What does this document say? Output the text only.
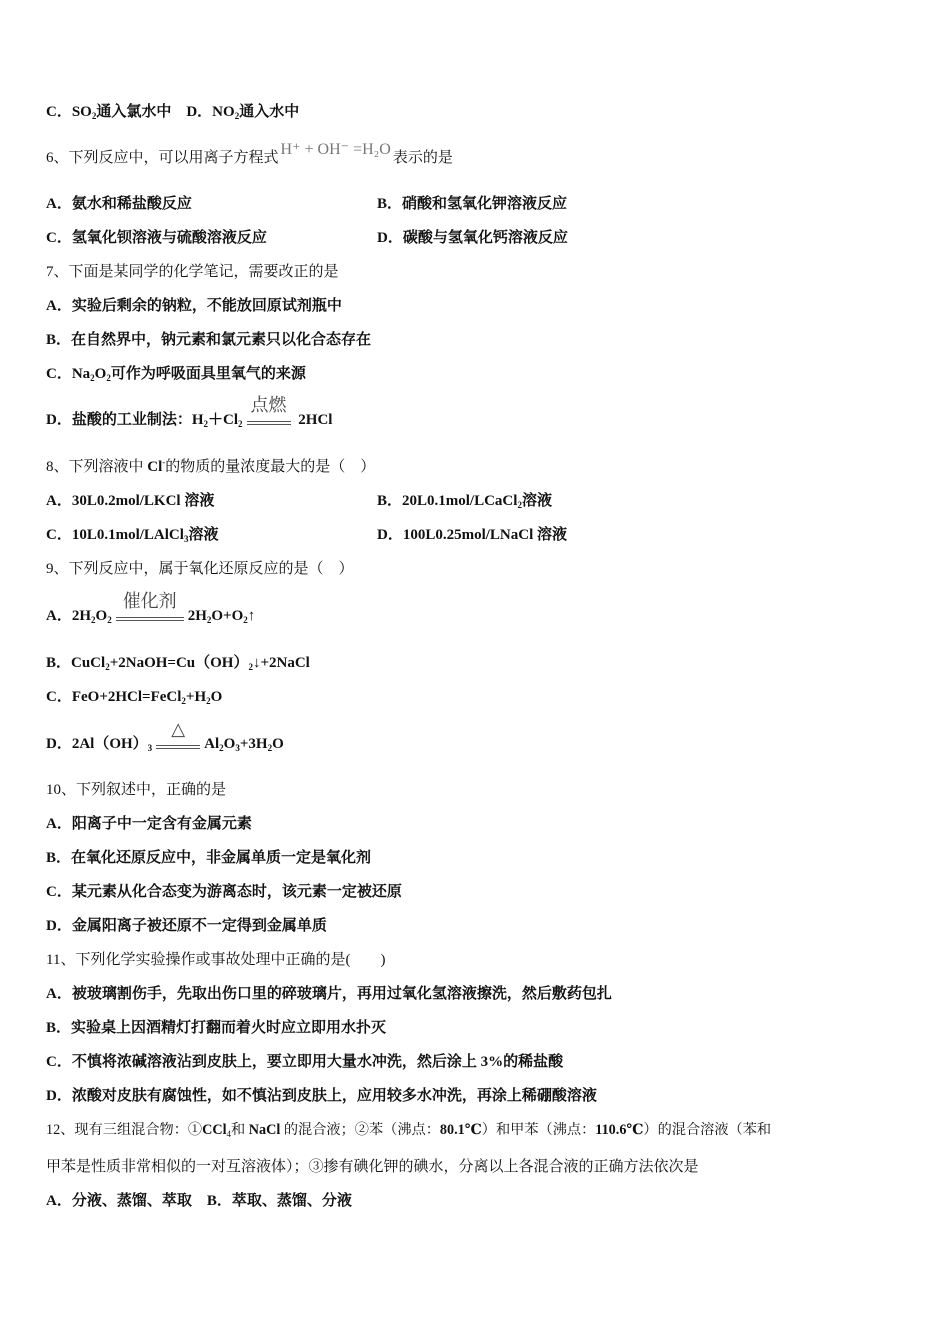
C．$SO_2$通入氯水中　D．$NO_2$通入水中
6、下列反应中，可以用离子方程式 H⁺ + OH⁻ =H₂O 表示的是
A．氨水和稀盐酸反应	B．硝酸和氢氧化钾溶液反应
C．氢氧化钡溶液与硫酸溶液反应	D．碳酸与氢氧化钙溶液反应
7、下面是某同学的化学笔记，需要改正的是
A．实验后剩余的钠粒，不能放回原试剂瓶中
B．在自然界中，钠元素和氯元素只以化合态存在
C．$Na_2O_2$可作为呼吸面具里氧气的来源
D．盐酸的工业制法：$H_2+Cl_2$
点燃
2HCl
8、下列溶液中 Cl-的物质的量浓度最大的是（　）
A．30L0.2mol/LKCl 溶液	B．20L0.1mol/LCaCl$_2$溶液
C．10L0.1mol/LAlCl$_3$溶液	D．100L0.25mol/LNaCl 溶液
9、下列反应中，属于氧化还原反应的是（　）
A．$2H_2O_2$
催化剂
$2H_2O+O_2↑$
B．$CuCl_2+2NaOH=Cu(OH)_2↓+2NaCl$
C．$FeO+2HCl=FeCl_2+H_2O$
D．$2Al(OH)_3$
△
$Al_2O_3+3H_2O$
10、下列叙述中，正确的是
A．阳离子中一定含有金属元素
B．在氧化还原反应中，非金属单质一定是氧化剂
C．某元素从化合态变为游离态时，该元素一定被还原
D．金属阳离子被还原不一定得到金属单质
11、下列化学实验操作或事故处理中正确的是(　　)
A．被玻璃割伤手，先取出伤口里的碎玻璃片，再用过氧化氢溶液擦洗，然后敷药包扎
B．实验桌上因酒精灯打翻而着火时应立即用水扑灭
C．不慎将浓碱溶液沾到皮肤上，要立即用大量水冲洗，然后涂上 3%的稀盐酸
D．浓酸对皮肤有腐蚀性，如不慎沾到皮肤上，应用较多水冲洗，再涂上稀硼酸溶液
12、现有三组混合物：①CCl$_4$和 NaCl 的混合液；②苯（沸点：80.1℃）和甲苯（沸点：110.6℃）的混合溶液（苯和
甲苯是性质非常相似的一对互溶液体）；③掺有碘化钾的碘水，分离以上各混合液的正确方法依次是
A．分液、蒸馏、萃取　B．萃取、蒸馏、分液
